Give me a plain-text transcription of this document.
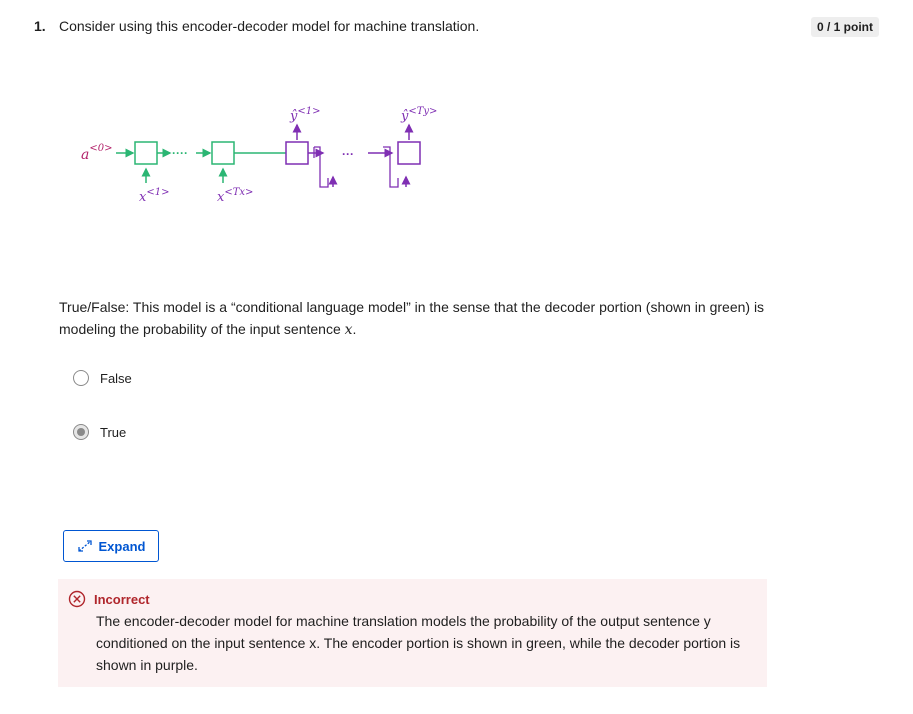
1. Consider using this encoder-decoder model for machine translation.	0 / 1 point
$a^{<0>}$	····
$x^{<1>}$	$x^{<Tx>}$
···
$ŷ^{<1>}$	$ŷ^{<Ty>}$
True/False: This model is a “conditional language model” in the sense that the decoder portion (shown in green) is modeling the probability of the input sentence x.
False
True
Expand
Incorrect
The encoder-decoder model for machine translation models the probability of the output sentence y conditioned on the input sentence x. The encoder portion is shown in green, while the decoder portion is shown in purple.
